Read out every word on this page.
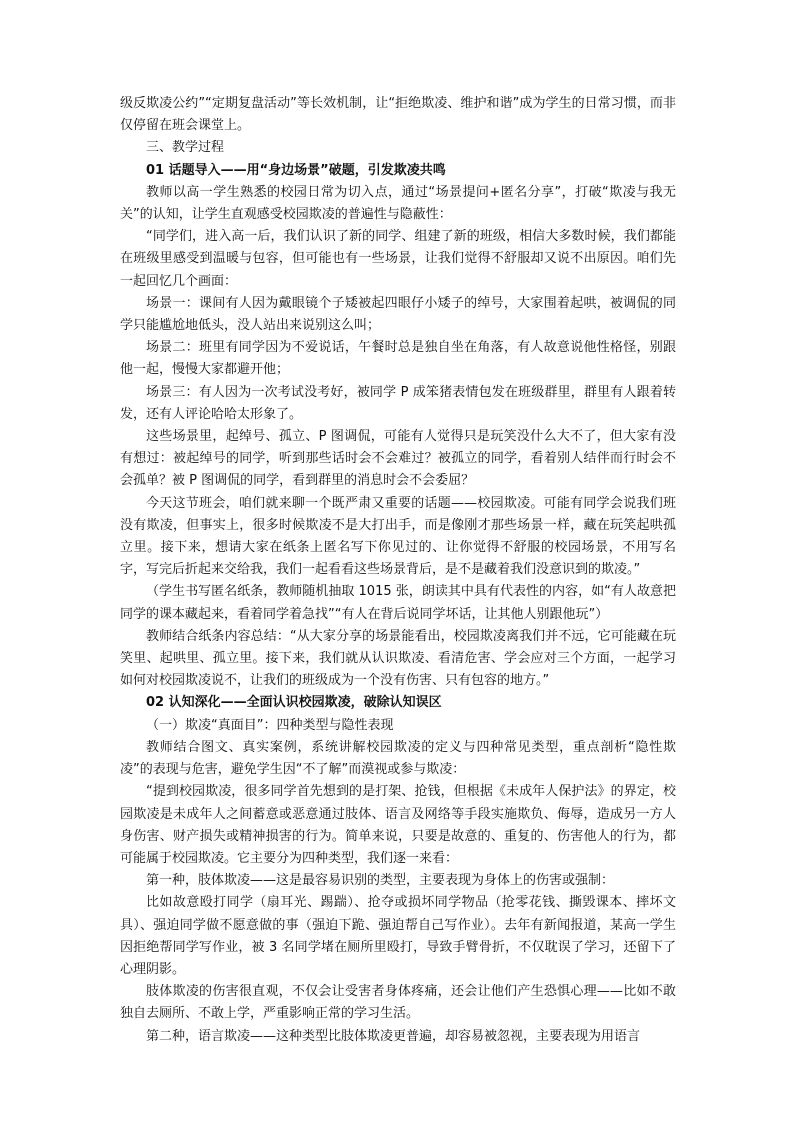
级反欺凌公约”“定期复盘活动”等长效机制，让“拒绝欺凌、维护和谐”成为学生的日常习惯，而非仅停留在班会课堂上。

三、教学过程

01 话题导入——用“身边场景”破题，引发欺凌共鸣

教师以高一学生熟悉的校园日常为切入点，通过“场景提问+匿名分享”，打破“欺凌与我无关”的认知，让学生直观感受校园欺凌的普遍性与隐蔽性：

“同学们，进入高一后，我们认识了新的同学、组建了新的班级，相信大多数时候，我们都能在班级里感受到温暖与包容，但可能也有一些场景，让我们觉得不舒服却又说不出原因。咱们先一起回忆几个画面：

场景一：课间有人因为戴眼镜个子矮被起四眼仔小矮子的绰号，大家围着起哄，被调侃的同学只能尴尬地低头，没人站出来说别这么叫；

场景二：班里有同学因为不爱说话，午餐时总是独自坐在角落，有人故意说他性格怪，别跟他一起，慢慢大家都避开他；

场景三：有人因为一次考试没考好，被同学 P 成笨猪表情包发在班级群里，群里有人跟着转发，还有人评论哈哈太形象了。

这些场景里，起绰号、孤立、P 图调侃，可能有人觉得只是玩笑没什么大不了，但大家有没有想过：被起绰号的同学，听到那些话时会不会难过？被孤立的同学，看着别人结伴而行时会不会孤单？被 P 图调侃的同学，看到群里的消息时会不会委屈？

今天这节班会，咱们就来聊一个既严肃又重要的话题——校园欺凌。可能有同学会说我们班没有欺凌，但事实上，很多时候欺凌不是大打出手，而是像刚才那些场景一样，藏在玩笑起哄孤立里。接下来，想请大家在纸条上匿名写下你见过的、让你觉得不舒服的校园场景，不用写名字，写完后折起来交给我，我们一起看看这些场景背后，是不是藏着我们没意识到的欺凌。”

（学生书写匿名纸条，教师随机抽取 1015 张，朗读其中具有代表性的内容，如“有人故意把同学的课本藏起来，看着同学着急找”“有人在背后说同学坏话，让其他人别跟他玩”）

教师结合纸条内容总结：“从大家分享的场景能看出，校园欺凌离我们并不远，它可能藏在玩笑里、起哄里、孤立里。接下来，我们就从认识欺凌、看清危害、学会应对三个方面，一起学习如何对校园欺凌说不，让我们的班级成为一个没有伤害、只有包容的地方。”

02 认知深化——全面认识校园欺凌，破除认知误区

（一）欺凌“真面目”：四种类型与隐性表现

教师结合图文、真实案例，系统讲解校园欺凌的定义与四种常见类型，重点剖析“隐性欺凌”的表现与危害，避免学生因“不了解”而漠视或参与欺凌：

“提到校园欺凌，很多同学首先想到的是打架、抢钱，但根据《未成年人保护法》的界定，校园欺凌是未成年人之间蓄意或恶意通过肢体、语言及网络等手段实施欺负、侮辱，造成另一方人身伤害、财产损失或精神损害的行为。简单来说，只要是故意的、重复的、伤害他人的行为，都可能属于校园欺凌。它主要分为四种类型，我们逐一来看：

第一种，肢体欺凌——这是最容易识别的类型，主要表现为身体上的伤害或强制：

比如故意殴打同学（扇耳光、踢踹）、抢夺或损坏同学物品（抢零花钱、撕毁课本、摔坏文具）、强迫同学做不愿意做的事（强迫下跪、强迫帮自己写作业）。去年有新闻报道，某高一学生因拒绝帮同学写作业，被 3 名同学堵在厕所里殴打，导致手臂骨折，不仅耽误了学习，还留下了心理阴影。

肢体欺凌的伤害很直观，不仅会让受害者身体疼痛，还会让他们产生恐惧心理——比如不敢独自去厕所、不敢上学，严重影响正常的学习生活。

第二种，语言欺凌——这种类型比肢体欺凌更普遍，却容易被忽视，主要表现为用语言
